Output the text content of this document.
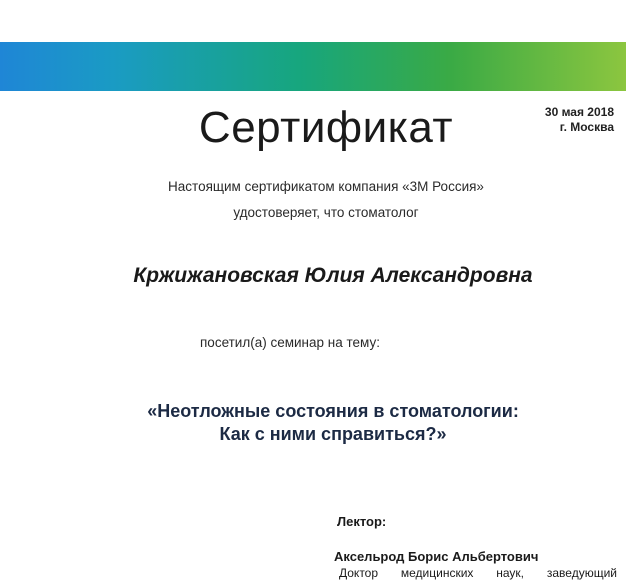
30 мая 2018
г. Москва
Сертификат
Настоящим сертификатом компания «3M Россия»
удостоверяет, что стоматолог
Кржижановская Юлия Александровна
посетил(а) семинар на тему:
«Неотложные состояния в стоматологии:
Как с ними справиться?»
Лектор:
Аксельрод Борис Альбертович
Доктор медицинских наук, заведующий
